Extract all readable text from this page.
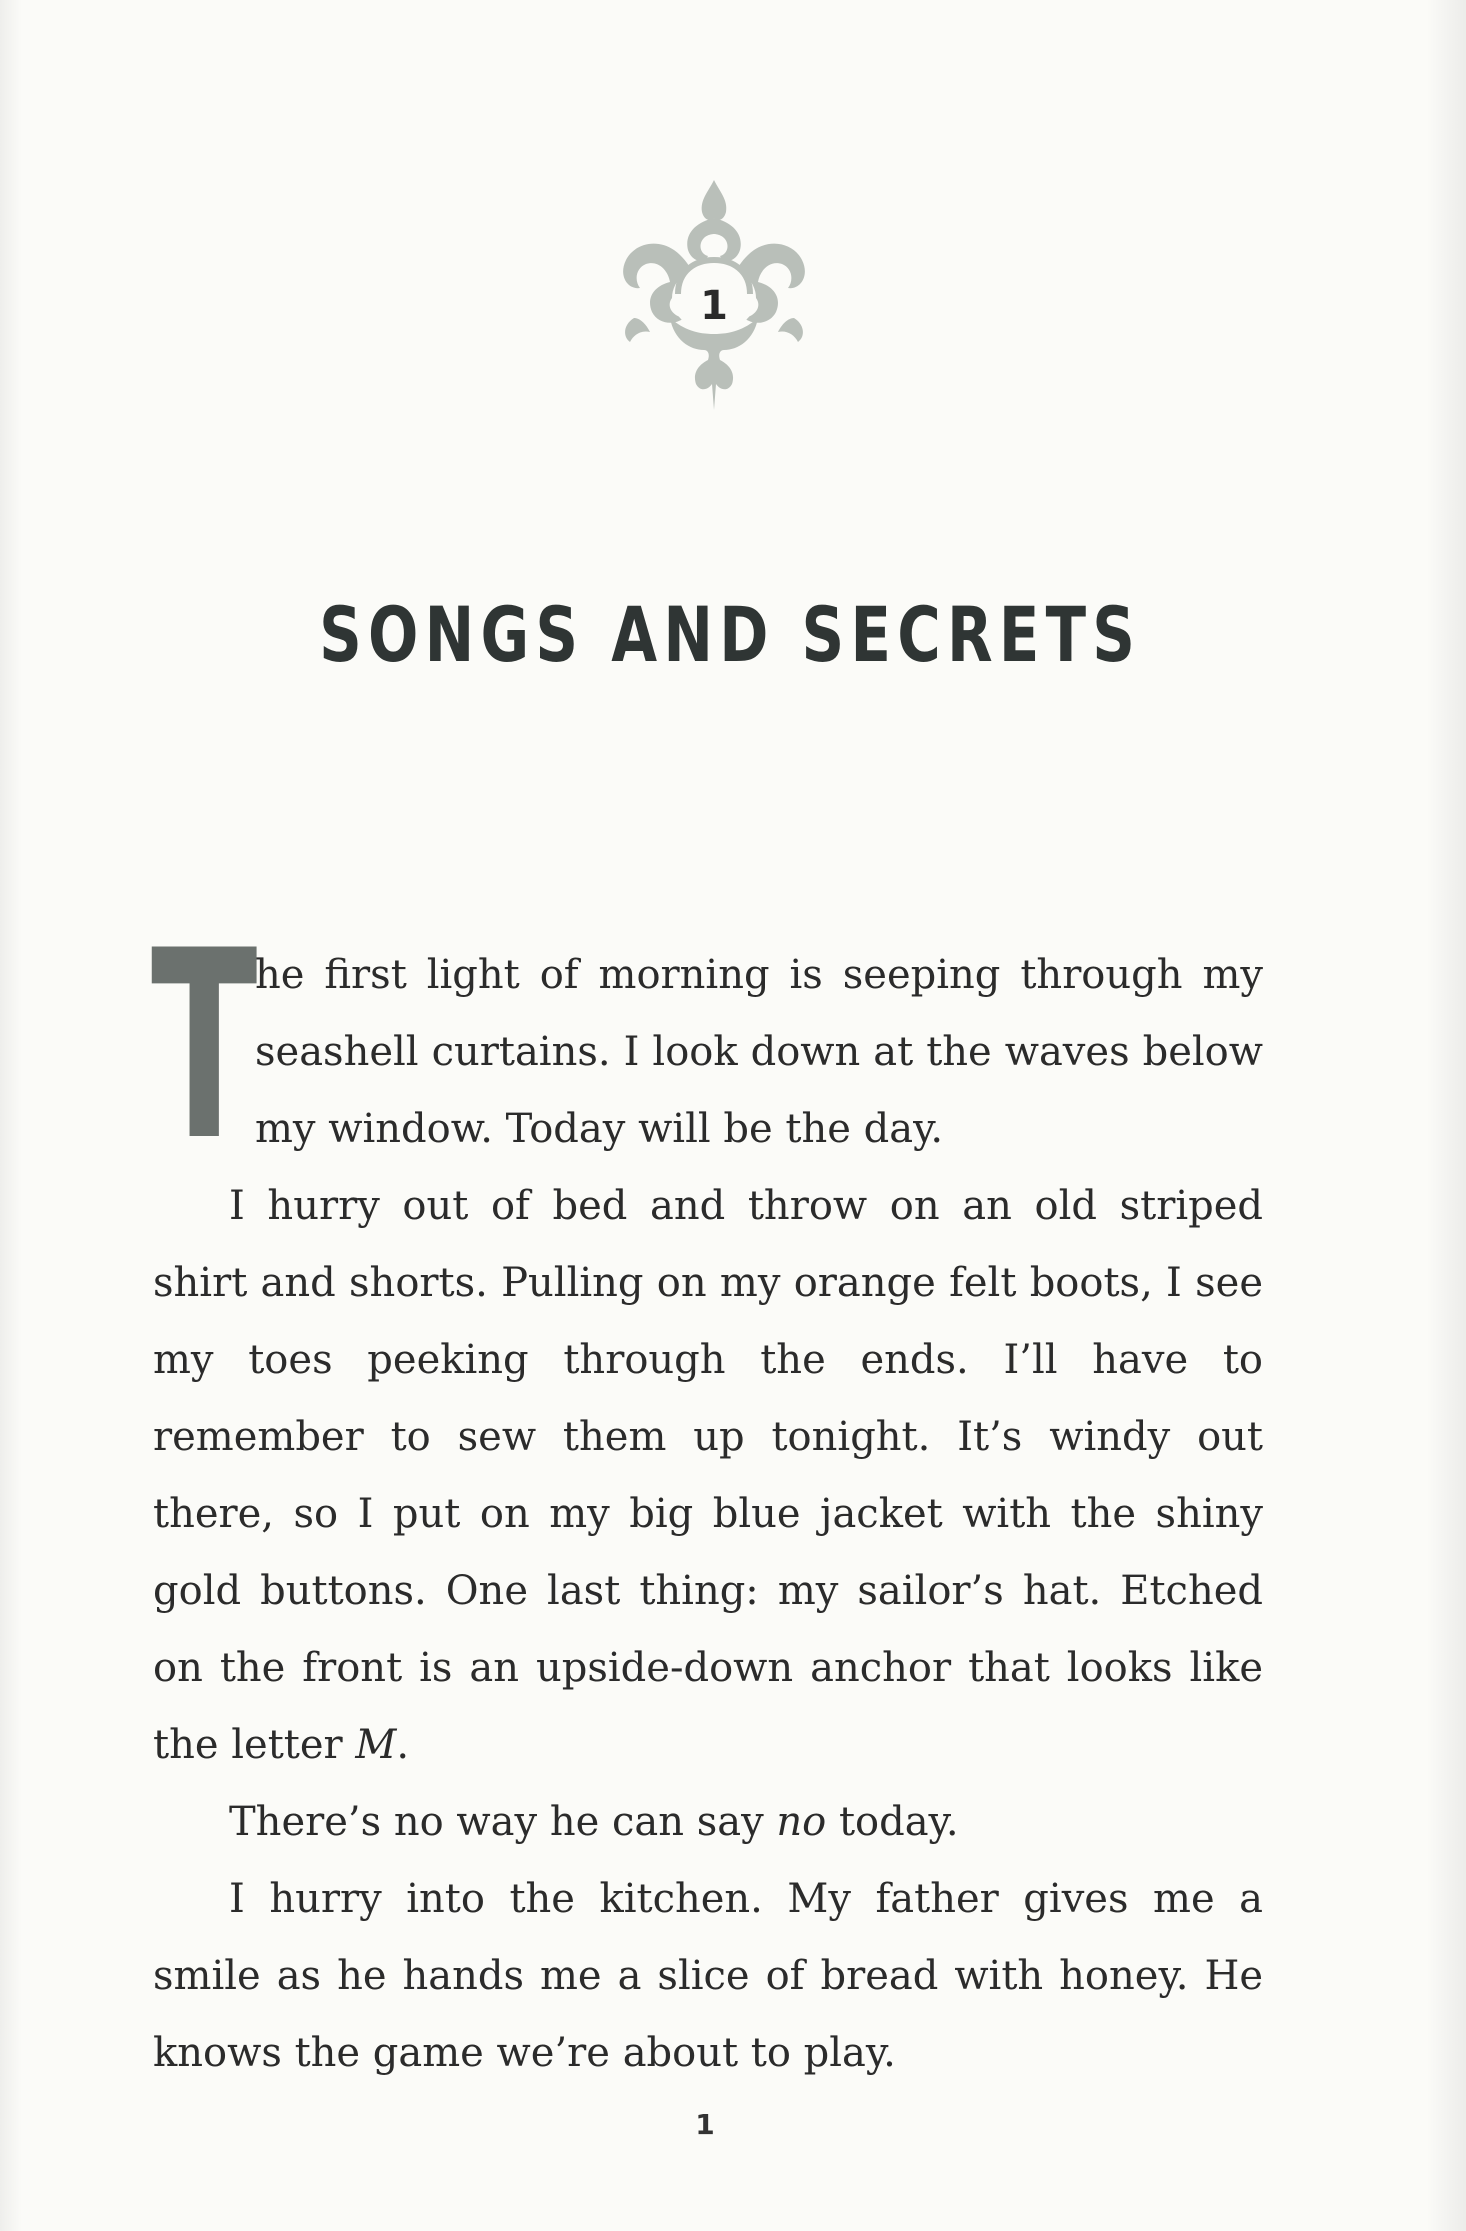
1
SONGS AND SECRETS

T
he first light of morning is seeping through my seashell curtains. I look down at the waves below my window. Today will be the day.

I hurry out of bed and throw on an old striped shirt and shorts. Pulling on my orange felt boots, I see my toes peeking through the ends. I’ll have to remember to sew them up tonight. It’s windy out there, so I put on my big blue jacket with the shiny gold buttons. One last thing: my sailor’s hat. Etched on the front is an upside-down anchor that looks like the letter M.

There’s no way he can say no today.

I hurry into the kitchen. My father gives me a smile as he hands me a slice of bread with honey. He knows the game we’re about to play.

1
